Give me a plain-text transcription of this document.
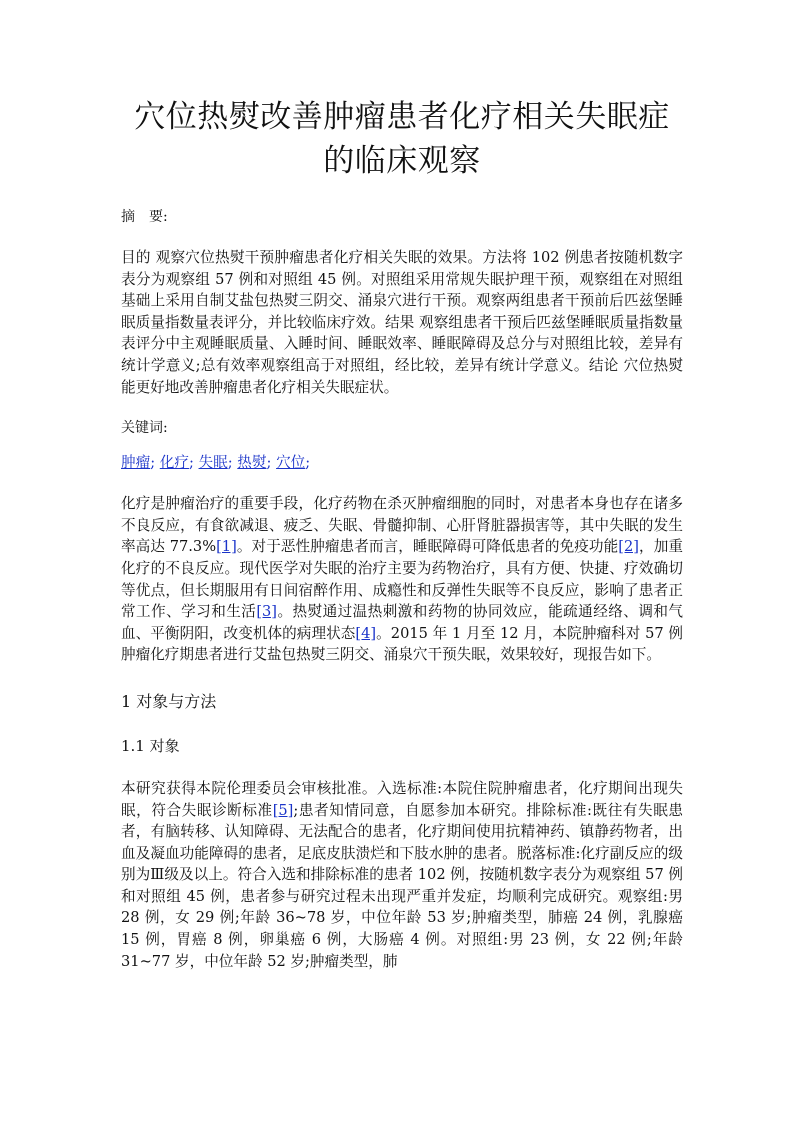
穴位热熨改善肿瘤患者化疗相关失眠症
的临床观察

摘　要:

目的 观察穴位热熨干预肿瘤患者化疗相关失眠的效果。方法将 102 例患者按随机数字表分为观察组 57 例和对照组 45 例。对照组采用常规失眠护理干预，观察组在对照组基础上采用自制艾盐包热熨三阴交、涌泉穴进行干预。观察两组患者干预前后匹兹堡睡眠质量指数量表评分，并比较临床疗效。结果 观察组患者干预后匹兹堡睡眠质量指数量表评分中主观睡眠质量、入睡时间、睡眠效率、睡眠障碍及总分与对照组比较，差异有统计学意义;总有效率观察组高于对照组，经比较，差异有统计学意义。结论 穴位热熨能更好地改善肿瘤患者化疗相关失眠症状。

关键词:

肿瘤; 化疗; 失眠; 热熨; 穴位;

化疗是肿瘤治疗的重要手段，化疗药物在杀灭肿瘤细胞的同时，对患者本身也存在诸多不良反应，有食欲减退、疲乏、失眠、骨髓抑制、心肝肾脏器损害等，其中失眠的发生率高达 77.3%[1]。对于恶性肿瘤患者而言，睡眠障碍可降低患者的免疫功能[2]，加重化疗的不良反应。现代医学对失眠的治疗主要为药物治疗，具有方便、快捷、疗效确切等优点，但长期服用有日间宿醉作用、成瘾性和反弹性失眠等不良反应，影响了患者正常工作、学习和生活[3]。热熨通过温热刺激和药物的协同效应，能疏通经络、调和气血、平衡阴阳，改变机体的病理状态[4]。2015 年 1 月至 12 月，本院肿瘤科对 57 例肿瘤化疗期患者进行艾盐包热熨三阴交、涌泉穴干预失眠，效果较好，现报告如下。

1 对象与方法
1.1 对象

本研究获得本院伦理委员会审核批准。入选标准:本院住院肿瘤患者，化疗期间出现失眠，符合失眠诊断标准[5];患者知情同意，自愿参加本研究。排除标准:既往有失眠患者，有脑转移、认知障碍、无法配合的患者，化疗期间使用抗精神药、镇静药物者，出血及凝血功能障碍的患者，足底皮肤溃烂和下肢水肿的患者。脱落标准:化疗副反应的级别为Ⅲ级及以上。符合入选和排除标准的患者 102 例，按随机数字表分为观察组 57 例和对照组 45 例，患者参与研究过程未出现严重并发症，均顺利完成研究。观察组:男 28 例，女 29 例;年龄 36~78 岁，中位年龄 53 岁;肿瘤类型，肺癌 24 例，乳腺癌 15 例，胃癌 8 例，卵巢癌 6 例，大肠癌 4 例。对照组:男 23 例，女 22 例;年龄 31~77 岁，中位年龄 52 岁;肿瘤类型，肺
